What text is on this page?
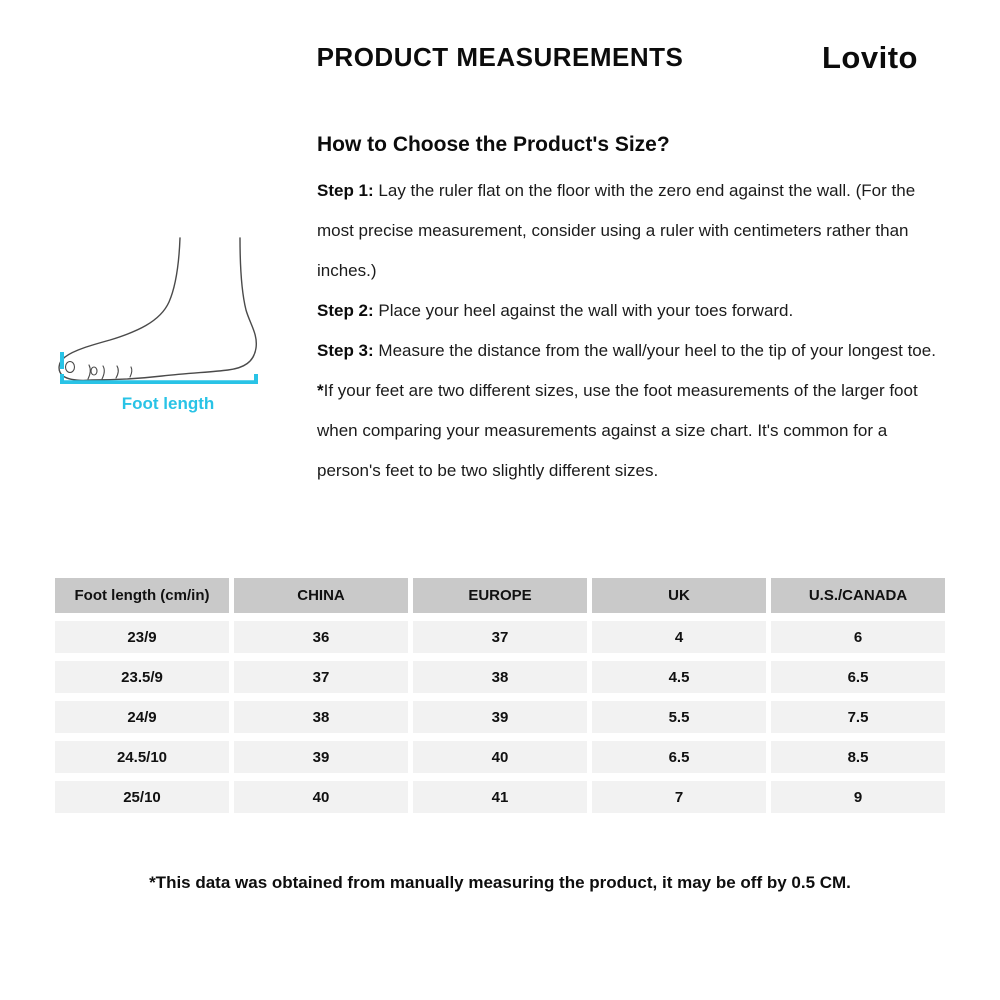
PRODUCT MEASUREMENTS	Lovito
Foot length
How to Choose the Product's Size?

Step 1: Lay the ruler flat on the floor with the zero end against the wall. (For the most precise measurement, consider using a ruler with centimeters rather than inches.)

Step 2: Place your heel against the wall with your toes forward.

Step 3: Measure the distance from the wall/your heel to the tip of your longest toe.

*If your feet are two different sizes, use the foot measurements of the larger foot when comparing your measurements against a size chart. It's common for a person's feet to be two slightly different sizes.

Foot length (cm/in)	CHINA	EUROPE	UK	U.S./CANADA
23/9	36	37	4	6
23.5/9	37	38	4.5	6.5
24/9	38	39	5.5	7.5
24.5/10	39	40	6.5	8.5
25/10	40	41	7	9
*This data was obtained from manually measuring the product, it may be off by 0.5 CM.
